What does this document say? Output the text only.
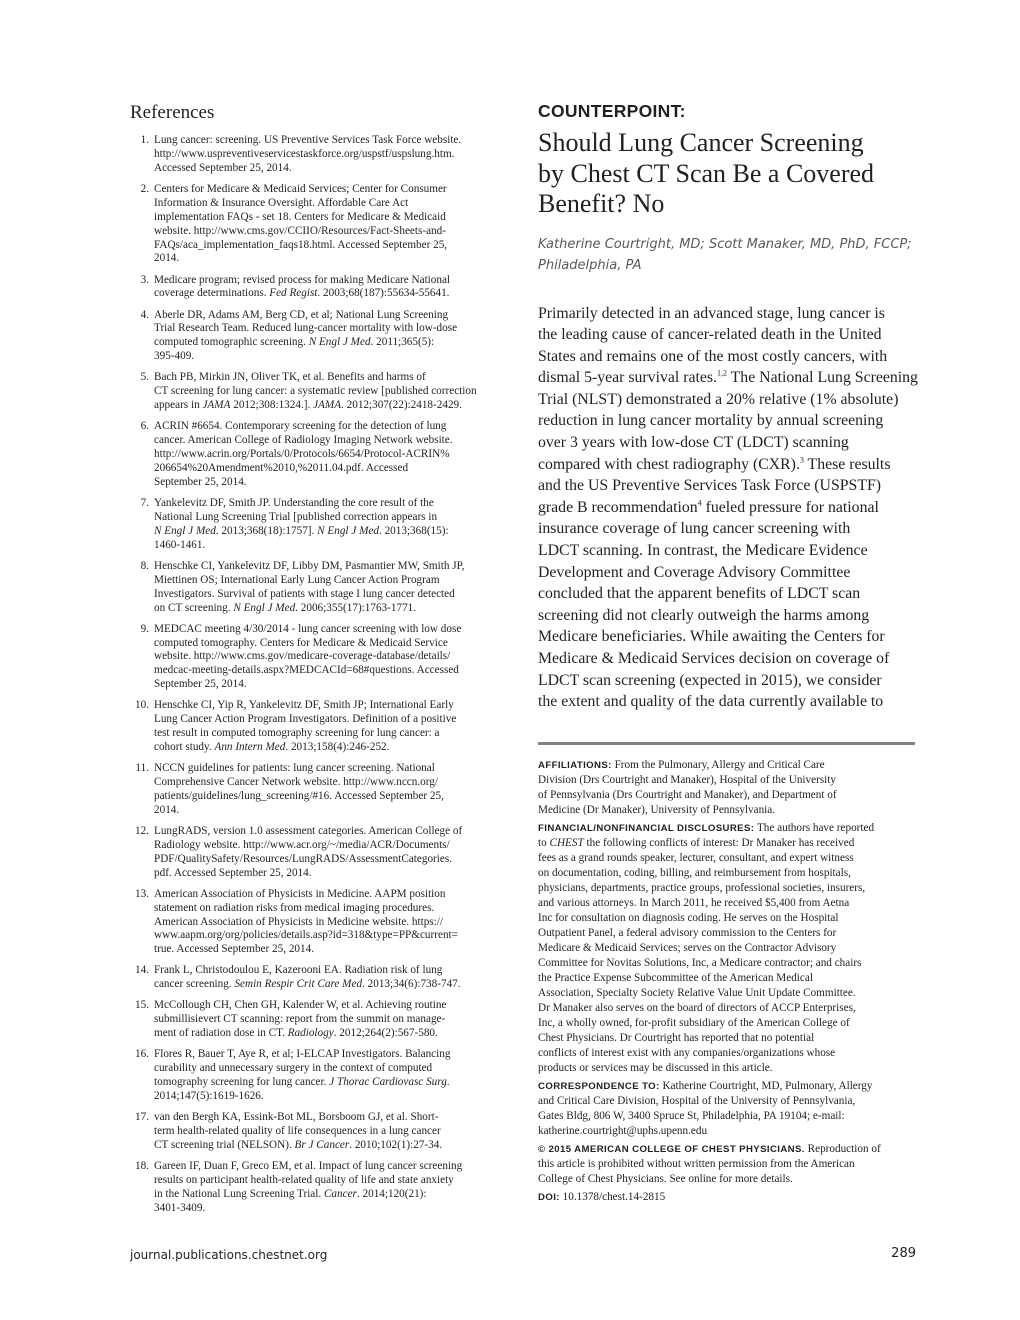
References
1. Lung cancer: screening. US Preventive Services Task Force website.
http://www.uspreventiveservicestaskforce.org/uspstf/uspslung.htm.
Accessed September 25, 2014.
2. Centers for Medicare & Medicaid Services; Center for Consumer
Information & Insurance Oversight. Affordable Care Act
implementation FAQs - set 18. Centers for Medicare & Medicaid
website. http://www.cms.gov/CCIIO/Resources/Fact-Sheets-and-
FAQs/aca_implementation_faqs18.html. Accessed September 25,
2014.
3. Medicare program; revised process for making Medicare National
coverage determinations. Fed Regist. 2003;68(187):55634-55641.
4. Aberle DR, Adams AM, Berg CD, et al; National Lung Screening
Trial Research Team. Reduced lung-cancer mortality with low-dose
computed tomographic screening. N Engl J Med. 2011;365(5):
395-409.
5. Bach PB, Mirkin JN, Oliver TK, et al. Benefits and harms of
CT screening for lung cancer: a systematic review [published correction
appears in JAMA 2012;308:1324.]. JAMA. 2012;307(22):2418-2429.
6. ACRIN #6654. Contemporary screening for the detection of lung
cancer. American College of Radiology Imaging Network website.
http://www.acrin.org/Portals/0/Protocols/6654/Protocol-ACRIN%
206654%20Amendment%2010,%2011.04.pdf. Accessed
September 25, 2014.
7. Yankelevitz DF, Smith JP. Understanding the core result of the
National Lung Screening Trial [published correction appears in
N Engl J Med. 2013;368(18):1757]. N Engl J Med. 2013;368(15):
1460-1461.
8. Henschke CI, Yankelevitz DF, Libby DM, Pasmantier MW, Smith JP,
Miettinen OS; International Early Lung Cancer Action Program
Investigators. Survival of patients with stage I lung cancer detected
on CT screening. N Engl J Med. 2006;355(17):1763-1771.
9. MEDCAC meeting 4/30/2014 - lung cancer screening with low dose
computed tomography. Centers for Medicare & Medicaid Service
website. http://www.cms.gov/medicare-coverage-database/details/
medcac-meeting-details.aspx?MEDCACId=68#questions. Accessed
September 25, 2014.
10. Henschke CI, Yip R, Yankelevitz DF, Smith JP; International Early
Lung Cancer Action Program Investigators. Definition of a positive
test result in computed tomography screening for lung cancer: a
cohort study. Ann Intern Med. 2013;158(4):246-252.
11. NCCN guidelines for patients: lung cancer screening. National
Comprehensive Cancer Network website. http://www.nccn.org/
patients/guidelines/lung_screening/#16. Accessed September 25,
2014.
12. LungRADS, version 1.0 assessment categories. American College of
Radiology website. http://www.acr.org/~/media/ACR/Documents/
PDF/QualitySafety/Resources/LungRADS/AssessmentCategories.
pdf. Accessed September 25, 2014.
13. American Association of Physicists in Medicine. AAPM position
statement on radiation risks from medical imaging procedures.
American Association of Physicists in Medicine website. https://
www.aapm.org/org/policies/details.asp?id=318&type=PP&current=
true. Accessed September 25, 2014.
14. Frank L, Christodoulou E, Kazerooni EA. Radiation risk of lung
cancer screening. Semin Respir Crit Care Med. 2013;34(6):738-747.
15. McCollough CH, Chen GH, Kalender W, et al. Achieving routine
submillisievert CT scanning: report from the summit on manage-
ment of radiation dose in CT. Radiology. 2012;264(2):567-580.
16. Flores R, Bauer T, Aye R, et al; I-ELCAP Investigators. Balancing
curability and unnecessary surgery in the context of computed
tomography screening for lung cancer. J Thorac Cardiovasc Surg.
2014;147(5):1619-1626.
17. van den Bergh KA, Essink-Bot ML, Borsboom GJ, et al. Short-
term health-related quality of life consequences in a lung cancer
CT screening trial (NELSON). Br J Cancer. 2010;102(1):27-34.
18. Gareen IF, Duan F, Greco EM, et al. Impact of lung cancer screening
results on participant health-related quality of life and state anxiety
in the National Lung Screening Trial. Cancer. 2014;120(21):
3401-3409.
COUNTERPOINT:
Should Lung Cancer Screening
by Chest CT Scan Be a Covered
Benefit? No
Katherine Courtright, MD; Scott Manaker, MD, PhD, FCCP;
Philadelphia, PA
Primarily detected in an advanced stage, lung cancer is
the leading cause of cancer-related death in the United
States and remains one of the most costly cancers, with
dismal 5-year survival rates.$^{1,2}$ The National Lung Screening
Trial (NLST) demonstrated a 20% relative (1% absolute)
reduction in lung cancer mortality by annual screening
over 3 years with low-dose CT (LDCT) scanning
compared with chest radiography (CXR).$^3$ These results
and the US Preventive Services Task Force (USPSTF)
grade B recommendation$^4$ fueled pressure for national
insurance coverage of lung cancer screening with
LDCT scanning. In contrast, the Medicare Evidence
Development and Coverage Advisory Committee
concluded that the apparent benefits of LDCT scan
screening did not clearly outweigh the harms among
Medicare beneficiaries. While awaiting the Centers for
Medicare & Medicaid Services decision on coverage of
LDCT scan screening (expected in 2015), we consider
the extent and quality of the data currently available to
AFFILIATIONS: From the Pulmonary, Allergy and Critical Care
Division (Drs Courtright and Manaker), Hospital of the University
of Pennsylvania (Drs Courtright and Manaker), and Department of
Medicine (Dr Manaker), University of Pennsylvania.
FINANCIAL/NONFINANCIAL DISCLOSURES: The authors have reported
to CHEST the following conflicts of interest: Dr Manaker has received
fees as a grand rounds speaker, lecturer, consultant, and expert witness
on documentation, coding, billing, and reimbursement from hospitals,
physicians, departments, practice groups, professional societies, insurers,
and various attorneys. In March 2011, he received $5,400 from Aetna
Inc for consultation on diagnosis coding. He serves on the Hospital
Outpatient Panel, a federal advisory commission to the Centers for
Medicare & Medicaid Services; serves on the Contractor Advisory
Committee for Novitas Solutions, Inc, a Medicare contractor; and chairs
the Practice Expense Subcommittee of the American Medical
Association, Specialty Society Relative Value Unit Update Committee.
Dr Manaker also serves on the board of directors of ACCP Enterprises,
Inc, a wholly owned, for-profit subsidiary of the American College of
Chest Physicians. Dr Courtright has reported that no potential
conflicts of interest exist with any companies/organizations whose
products or services may be discussed in this article.
CORRESPONDENCE TO: Katherine Courtright, MD, Pulmonary, Allergy
and Critical Care Division, Hospital of the University of Pennsylvania,
Gates Bldg, 806 W, 3400 Spruce St, Philadelphia, PA 19104; e-mail:
katherine.courtright@uphs.upenn.edu
© 2015 AMERICAN COLLEGE OF CHEST PHYSICIANS. Reproduction of
this article is prohibited without written permission from the American
College of Chest Physicians. See online for more details.
DOI: 10.1378/chest.14-2815
journal.publications.chestnet.org	289
